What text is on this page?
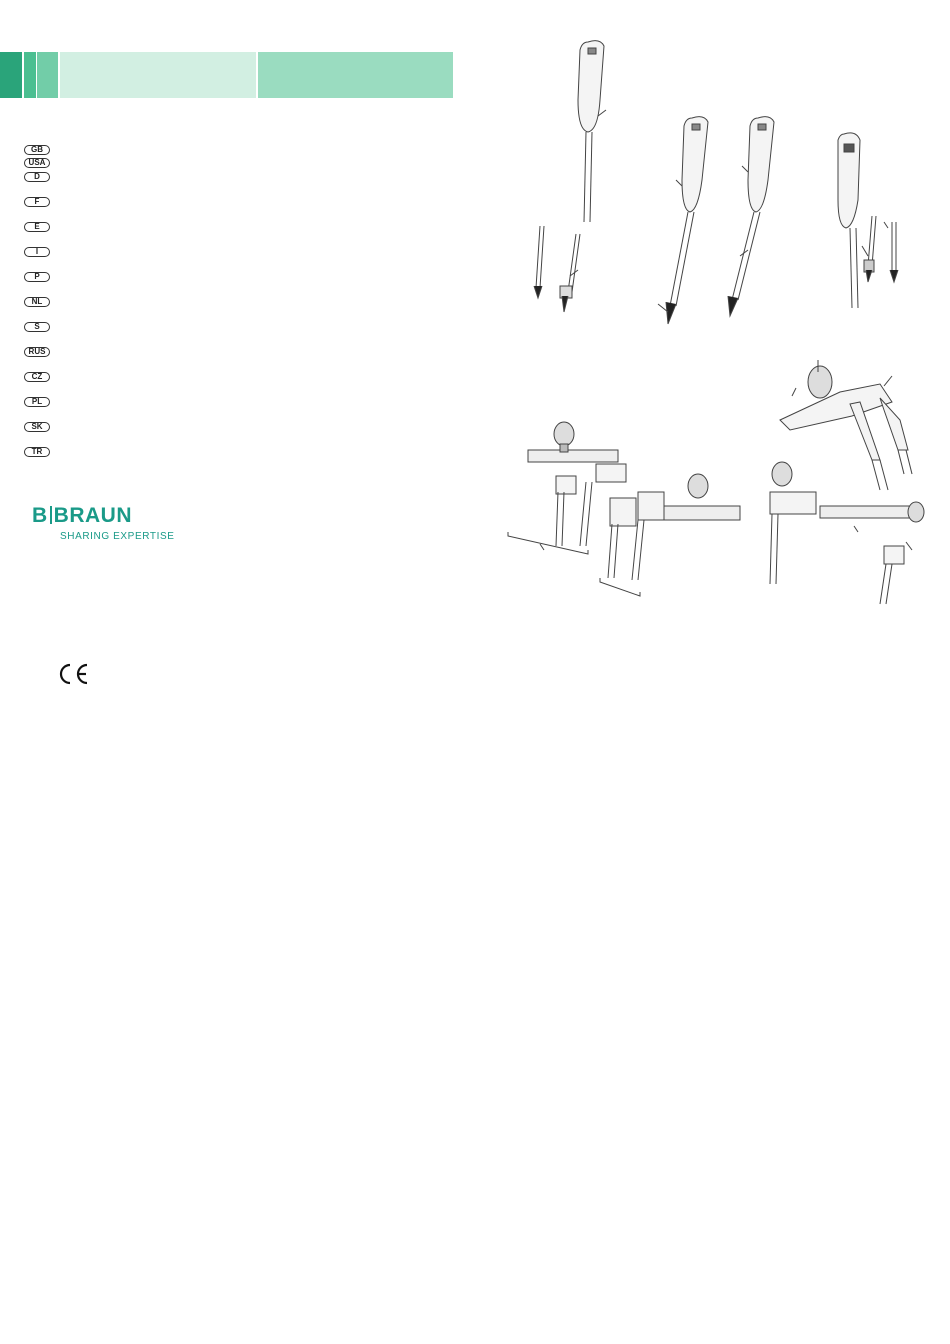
GB
USA
D
F
E
I
P
NL
S
RUS
CZ
PL
SK
TR
B BRAUN
SHARING EXPERTISE
